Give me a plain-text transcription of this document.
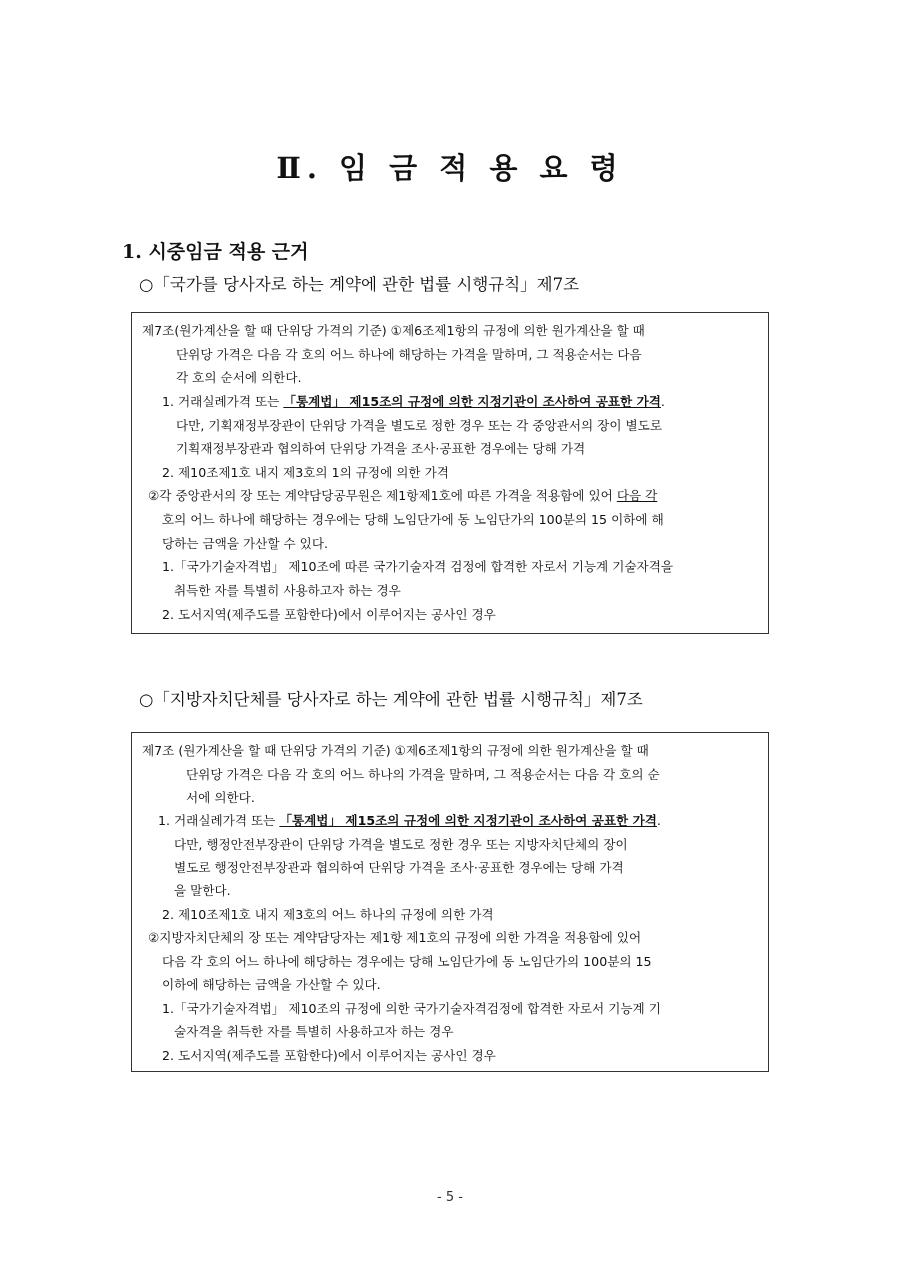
Ⅱ. 임 금 적 용 요 령
1. 시중임금 적용 근거

○「국가를 당사자로 하는 계약에 관한 법률 시행규칙」제7조

제7조(원가계산을 할 때 단위당 가격의 기준) ①제6조제1항의 규정에 의한 원가계산을 할 때
단위당 가격은 다음 각 호의 어느 하나에 해당하는 가격을 말하며, 그 적용순서는 다음
각 호의 순서에 의한다.
1. 거래실례가격 또는 「통계법」 제15조의 규정에 의한 지정기관이 조사하여 공표한 가격.
다만, 기획재정부장관이 단위당 가격을 별도로 정한 경우 또는 각 중앙관서의 장이 별도로
기획재정부장관과 협의하여 단위당 가격을 조사·공표한 경우에는 당해 가격
2. 제10조제1호 내지 제3호의 1의 규정에 의한 가격
②각 중앙관서의 장 또는 계약담당공무원은 제1항제1호에 따른 가격을 적용함에 있어 다음 각
호의 어느 하나에 해당하는 경우에는 당해 노임단가에 동 노임단가의 100분의 15 이하에 해
당하는 금액을 가산할 수 있다.
1.「국가기술자격법」 제10조에 따른 국가기술자격 검정에 합격한 자로서 기능계 기술자격을
취득한 자를 특별히 사용하고자 하는 경우
2. 도서지역(제주도를 포함한다)에서 이루어지는 공사인 경우

○「지방자치단체를 당사자로 하는 계약에 관한 법률 시행규칙」제7조

제7조 (원가계산을 할 때 단위당 가격의 기준) ①제6조제1항의 규정에 의한 원가계산을 할 때
단위당 가격은 다음 각 호의 어느 하나의 가격을 말하며, 그 적용순서는 다음 각 호의 순
서에 의한다.
1. 거래실례가격 또는 「통계법」 제15조의 규정에 의한 지정기관이 조사하여 공표한 가격.
다만, 행정안전부장관이 단위당 가격을 별도로 정한 경우 또는 지방자치단체의 장이
별도로 행정안전부장관과 협의하여 단위당 가격을 조사·공표한 경우에는 당해 가격
을 말한다.
2. 제10조제1호 내지 제3호의 어느 하나의 규정에 의한 가격
②지방자치단체의 장 또는 계약담당자는 제1항 제1호의 규정에 의한 가격을 적용함에 있어
다음 각 호의 어느 하나에 해당하는 경우에는 당해 노임단가에 동 노임단가의 100분의 15
이하에 해당하는 금액을 가산할 수 있다.
1.「국가기술자격법」 제10조의 규정에 의한 국가기술자격검정에 합격한 자로서 기능계 기
술자격을 취득한 자를 특별히 사용하고자 하는 경우
2. 도서지역(제주도를 포함한다)에서 이루어지는 공사인 경우
- 5 -
